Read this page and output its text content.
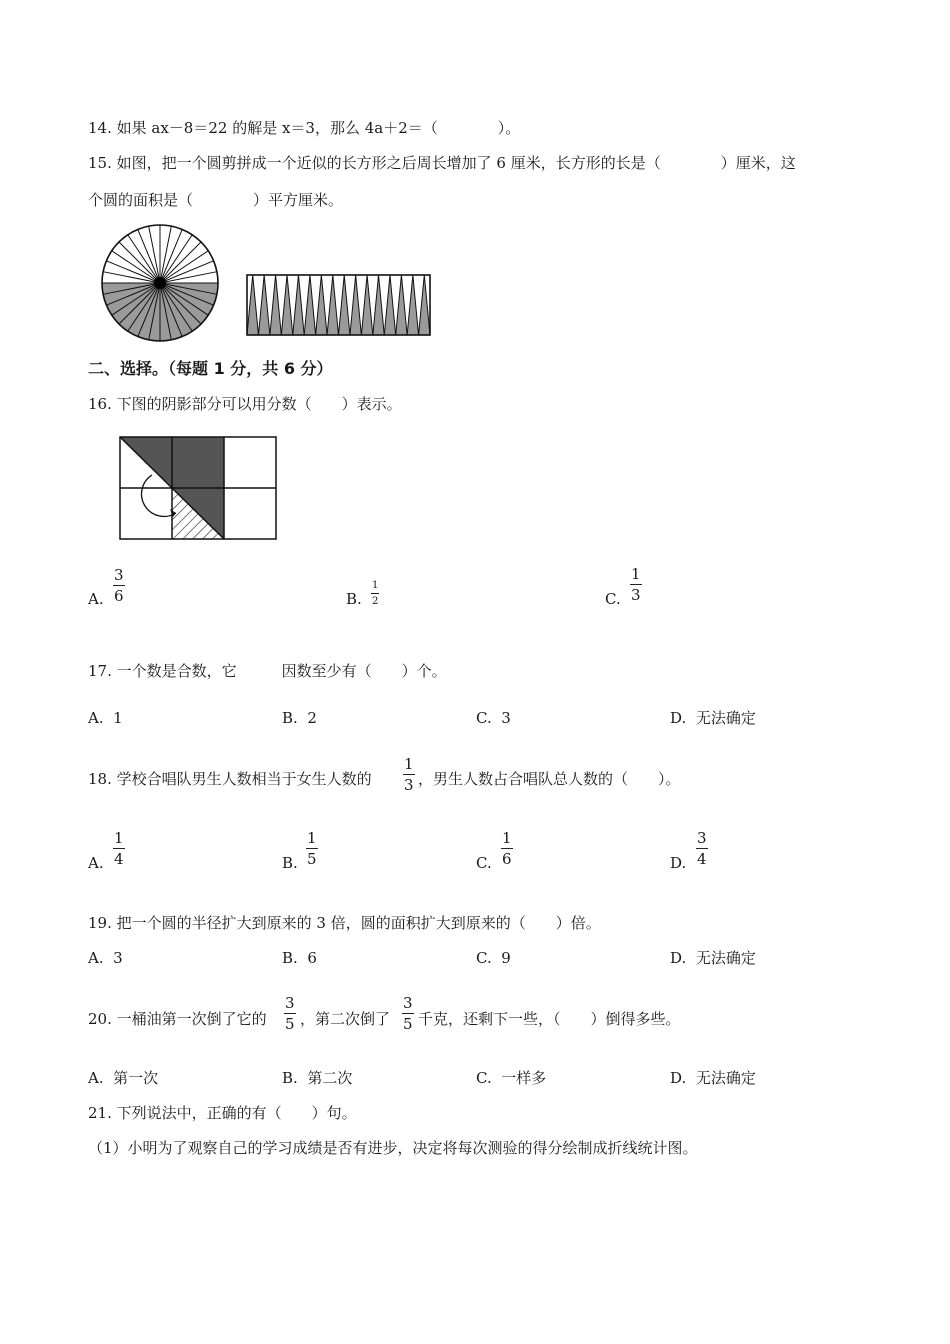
14. 如果 ax－8＝22 的解是 x＝3，那么 4a＋2＝（　　　　）。
15. 如图，把一个圆剪拼成一个近似的长方形之后周长增加了 6 厘米，长方形的长是（　　　　）厘米，这
个圆的面积是（　　　　）平方厘米。
二、选择。（每题 1 分，共 6 分）
16. 下图的阴影部分可以用分数（　　）表示。
A.
3
6	B.
1
2	C.
1
3
17. 一个数是合数，它　　　因数至少有（　　）个。
A. 1	B. 2	C. 3	D. 无法确定
18. 学校合唱队男生人数相当于女生人数的
1
3 ，男生人数占合唱队总人数的（　　）。
A.
1
4	B.
1
5	C.
1
6	D.
3
4
19. 把一个圆的半径扩大到原来的 3 倍，圆的面积扩大到原来的（　　）倍。
A. 3	B. 6	C. 9	D. 无法确定
20. 一桶油第一次倒了它的
3
5 ，第二次倒了
3
5 千克，还剩下一些，（　　）倒得多些。
A. 第一次	B. 第二次	C. 一样多	D. 无法确定
21. 下列说法中，正确的有（　　）句。
（1）小明为了观察自己的学习成绩是否有进步，决定将每次测验的得分绘制成折线统计图。
